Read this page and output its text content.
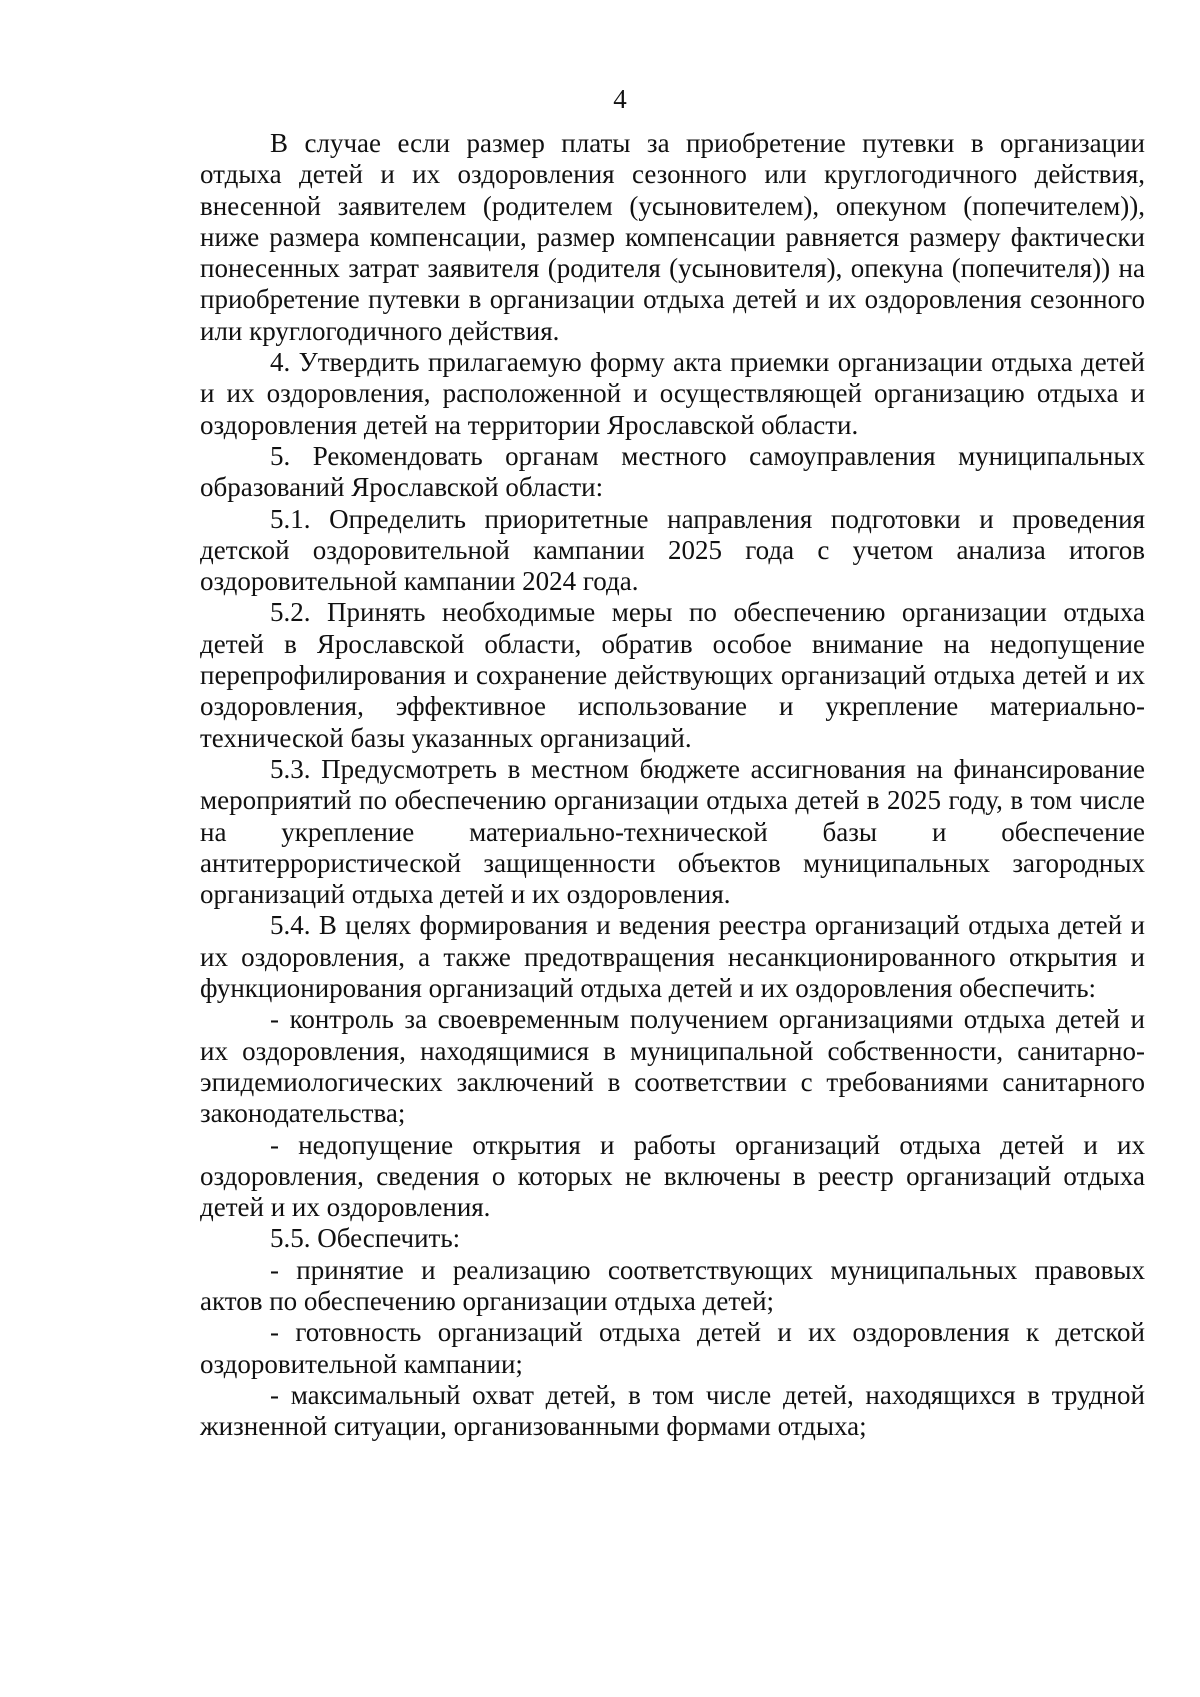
4

В случае если размер платы за приобретение путевки в организации отдыха детей и их оздоровления сезонного или круглогодичного действия, внесенной заявителем (родителем (усыновителем), опекуном (попечителем)), ниже размера компенсации, размер компенсации равняется размеру фактически понесенных затрат заявителя (родителя (усыновителя), опекуна (попечителя)) на приобретение путевки в организации отдыха детей и их оздоровления сезонного или круглогодичного действия.

4. Утвердить прилагаемую форму акта приемки организации отдыха детей и их оздоровления, расположенной и осуществляющей организацию отдыха и оздоровления детей на территории Ярославской области.

5. Рекомендовать органам местного самоуправления муниципальных образований Ярославской области:

5.1. Определить приоритетные направления подготовки и проведения детской оздоровительной кампании 2025 года с учетом анализа итогов оздоровительной кампании 2024 года.

5.2. Принять необходимые меры по обеспечению организации отдыха детей в Ярославской области, обратив особое внимание на недопущение перепрофилирования и сохранение действующих организаций отдыха детей и их оздоровления, эффективное использование и укрепление материально-технической базы указанных организаций.

5.3. Предусмотреть в местном бюджете ассигнования на финансирование мероприятий по обеспечению организации отдыха детей в 2025 году, в том числе на укрепление материально-технической базы и обеспечение антитеррористической защищенности объектов муниципальных загородных организаций отдыха детей и их оздоровления.

5.4. В целях формирования и ведения реестра организаций отдыха детей и их оздоровления, а также предотвращения несанкционированного открытия и функционирования организаций отдыха детей и их оздоровления обеспечить:

- контроль за своевременным получением организациями отдыха детей и их оздоровления, находящимися в муниципальной собственности, санитарно-эпидемиологических заключений в соответствии с требованиями санитарного законодательства;

- недопущение открытия и работы организаций отдыха детей и их оздоровления, сведения о которых не включены в реестр организаций отдыха детей и их оздоровления.

5.5. Обеспечить:

- принятие и реализацию соответствующих муниципальных правовых актов по обеспечению организации отдыха детей;

- готовность организаций отдыха детей и их оздоровления к детской оздоровительной кампании;

- максимальный охват детей, в том числе детей, находящихся в трудной жизненной ситуации, организованными формами отдыха;
